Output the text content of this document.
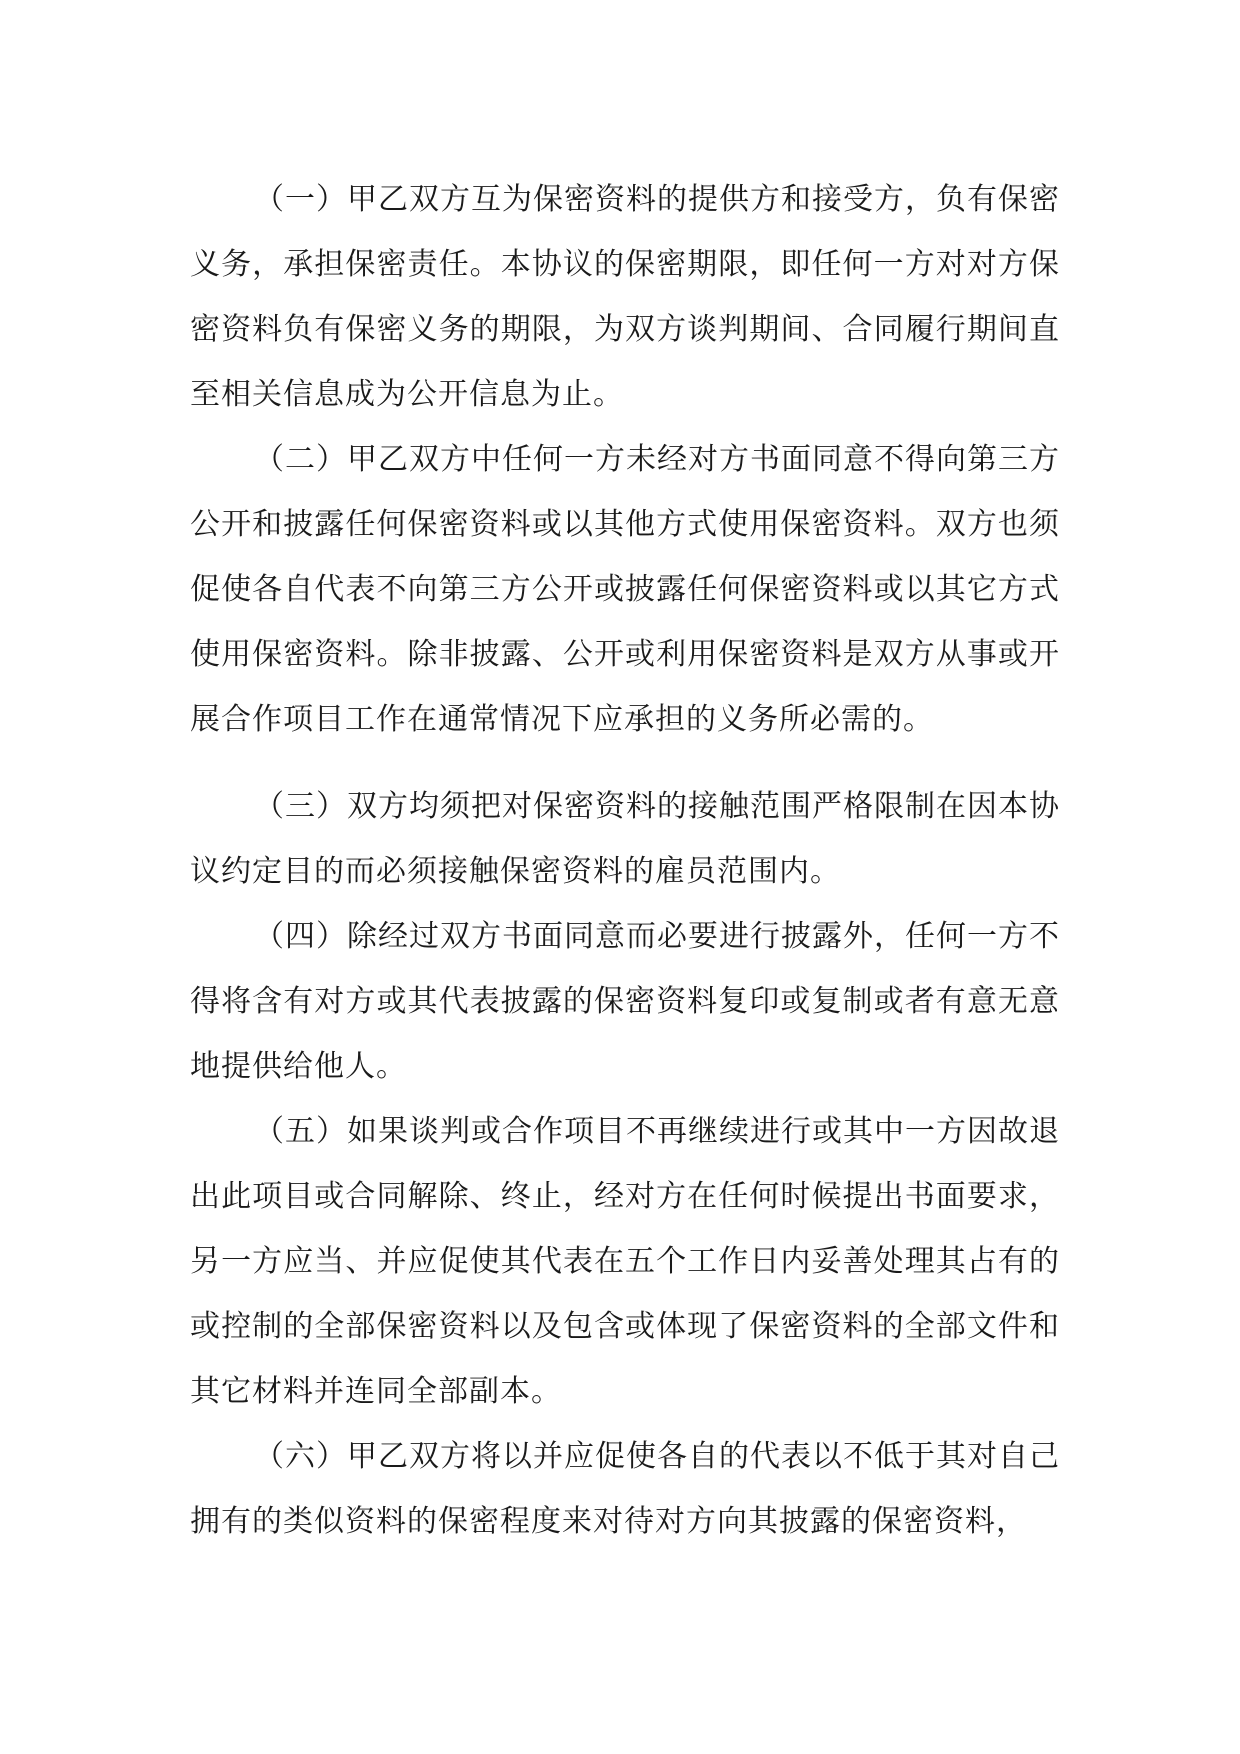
（一）甲乙双方互为保密资料的提供方和接受方，负有保密义务，承担保密责任。本协议的保密期限，即任何一方对对方保密资料负有保密义务的期限，为双方谈判期间、合同履行期间直至相关信息成为公开信息为止。

（二）甲乙双方中任何一方未经对方书面同意不得向第三方公开和披露任何保密资料或以其他方式使用保密资料。双方也须促使各自代表不向第三方公开或披露任何保密资料或以其它方式使用保密资料。除非披露、公开或利用保密资料是双方从事或开展合作项目工作在通常情况下应承担的义务所必需的。

（三）双方均须把对保密资料的接触范围严格限制在因本协议约定目的而必须接触保密资料的雇员范围内。

（四）除经过双方书面同意而必要进行披露外，任何一方不得将含有对方或其代表披露的保密资料复印或复制或者有意无意地提供给他人。

（五）如果谈判或合作项目不再继续进行或其中一方因故退出此项目或合同解除、终止，经对方在任何时候提出书面要求，另一方应当、并应促使其代表在五个工作日内妥善处理其占有的或控制的全部保密资料以及包含或体现了保密资料的全部文件和其它材料并连同全部副本。

（六）甲乙双方将以并应促使各自的代表以不低于其对自己拥有的类似资料的保密程度来对待对方向其披露的保密资料，
